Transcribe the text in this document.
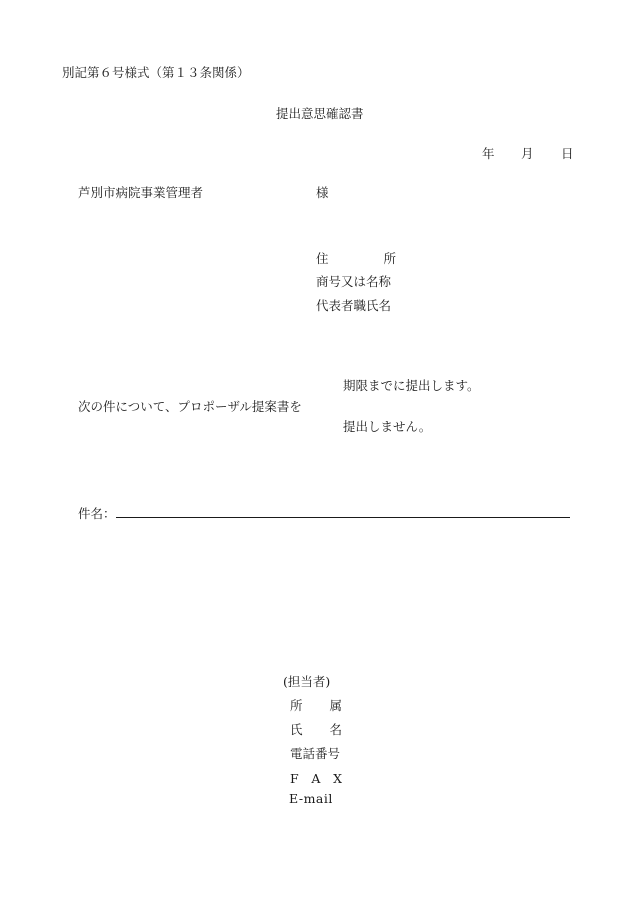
別記第６号様式（第１３条関係）
提出意思確認書
年 月 日
芦別市病院事業管理者	様
住	所
商号又は名称
代表者職氏名
期限までに提出します。
次の件について、プロポーザル提案書を
提出しません。
件名：
(担当者)
所 属
氏 名
電話番号
F A X
E-mail
